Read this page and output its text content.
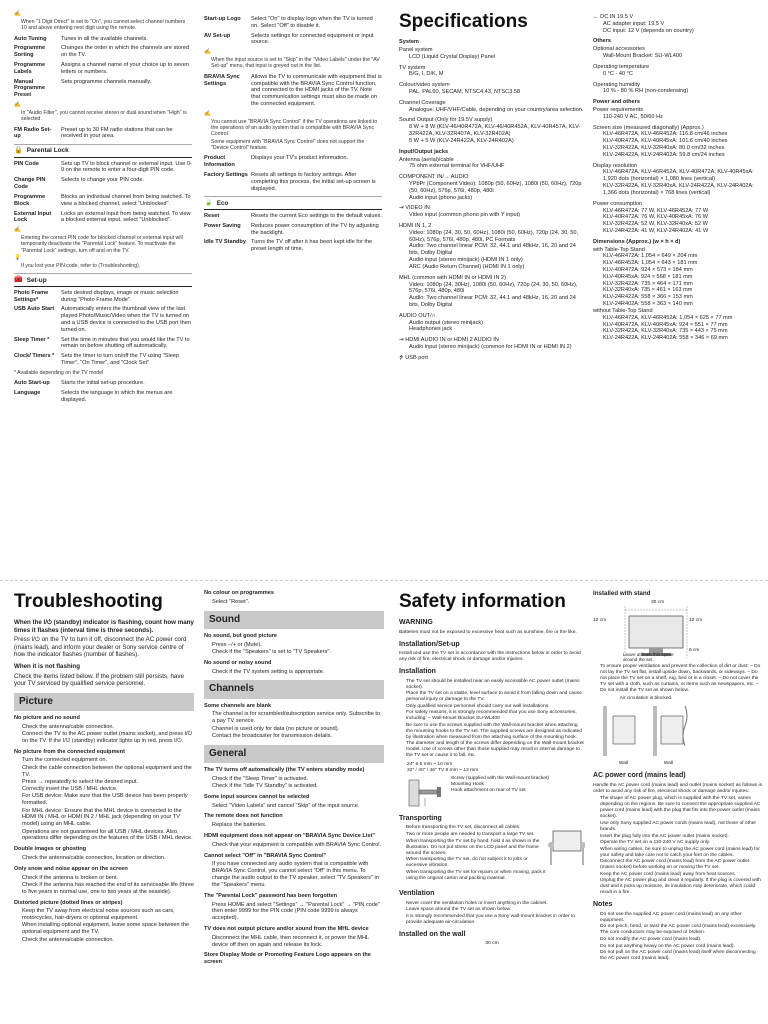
✍
• When "1 Digit Direct" is set to "On", you cannot select channel numbers 10 and above entering next digit using the remote.
Auto Tuning	Tunes in all the available channels.
Programme Sorting
Changes the order in which the channels are stored on the TV.
Programme Labels
Assigns a channel name of your choice up to seven letters or numbers.
Manual Programme Preset
Sets programme channels manually.
✍
• In "Audio Filter", you cannot receive stereo or dual sound when "High" is selected.
FM Radio Set-up
Preset up to 30 FM radio stations that can be received in your area.
🔒 Parental Lock
PIN Code	Sets up TV to block channel or external input. Use 0-9 on the remote to enter a four-digit PIN code.
Change PIN Code
Selects to change your PIN code.
Programme Block
Blocks an individual channel from being watched. To view a blocked channel, select "Unblocked".
External Input Lock
Locks an external input from being watched. To view a blocked external input, select "Unblocked".
✍
• Entering the correct PIN code for blocked channel or external input will temporarily deactivate the "Parental Lock" feature. To reactivate the "Parental Lock" settings, turn off and on the TV.
💡
• If you lost your PIN code, refer to (Troubleshooting).
🧰 Set-up
Photo Frame Settings*
Sets desired displays, image or music selection during "Photo Frame Mode".
USB Auto Start	Automatically enters the thumbnail view of the last played Photo/Music/Video when the TV is turned on and a USB device is connected to the USB port then turned on.
Sleep Timer *	Set the time in minutes that you would like the TV to remain on before shutting off automatically.
Clock/ Timers *	Sets the timer to turn on/off the TV using "Sleep Timer", "On Timer", and "Clock Set"
* Available depending on the TV model
Auto Start-up	Starts the initial set-up procedure.
Language	Selects the language in which the menus are displayed.
Start-up Logo	Select "On" to display logo when the TV is turned on. Select "Off" to disable it.
AV Set-up	Selects settings for connected equipment or input source.
✍
• When the input source is set to "Skip" in the "Video Labels" under the "AV Set-up" menu, that input is greyed out in the list.
BRAVIA Sync Settings
Allows the TV to communicate with equipment that is compatible with the BRAVIA Sync Control function, and connected to the HDMI jacks of the TV. Note that communication settings must also be made on the connected equipment.
✍
• You cannot use "BRAVIA Sync Control" if the TV operations are linked to the operations of an audio system that is compatible with BRAVIA Sync Control.
• Some equipment with "BRAVIA Sync Control" does not support the "Device Control" feature.
Product Information
Displays your TV's product information.
Factory Settings Resets all settings to factory settings. After completing this process, the initial set-up screen is displayed.
🍃 Eco
Reset	Resets the current Eco settings to the default values.
Power Saving	Reduces power consumption of the TV by adjusting the backlight.
Idle TV Standby Turns the TV off after it has been kept idle for the preset length of time.
Specifications

System

Panel system

LCD (Liquid Crystal Display) Panel

TV system

B/G, I, D/K, M

Colour/video system

PAL, PAL60, SECAM, NTSC4.43, NTSC3.58

Channel Coverage

Analogue: UHF/VHF/Cable, depending on your country/area selection.

Sound Output (Only for 19.5V supply)

8 W + 8 W (KLV-46/40R472A, KLV-46/40R452A, KLV-40R457A, KLV-32R422A, KLV-32R407A, KLV-32R402A)

5 W + 5 W (KLV-24R422A, KLV-24R402A)

Input/Output jacks

Antenna (aerial)/cable

75 ohm external terminal for VHF/UHF

COMPONENT IN/→ AUDIO

YPbPr (Component Video): 1080p (50, 60Hz), 1080i (50, 60Hz), 720p (50, 60Hz), 576p, 576i, 480p, 480i

Audio input (phono jacks)

⇥ VIDEO IN

Video input (common phono pin with Y input)

HDMI IN 1, 2

Video: 1080p (24, 30, 50, 60Hz), 1080i (50, 60Hz), 720p (24, 30, 50, 60Hz), 576p, 576i, 480p, 480i, PC Formats

Audio: Two channel linear PCM: 32, 44.1 and 48kHz, 16, 20 and 24 bits, Dolby Digital

Audio input (stereo minijack) (HDMI IN 1 only)

ARC (Audio Return Channel) (HDMI IN 1 only)

MHL (common with HDMI IN or HDMI IN 2)

Video: 1080p (24, 30Hz), 1080i (50, 60Hz), 720p (24, 30, 50, 60Hz), 576p, 576i, 480p, 480i

Audio: Two channel linear PCM: 32, 44.1 and 48kHz, 16, 20 and 24 bits, Dolby Digital

AUDIO OUT/∩

Audio output (stereo minijack)

Headphones jack

⇥ HDMI AUDIO IN or HDMI 2 AUDIO IN

Audio input (stereo minijack) (common for HDMI IN or HDMI IN 2)

⭍ USB port

← DC IN 19.5 V

AC adapter input: 19.5 V

DC input: 12 V (depends on country)

Others

Optional accessories

Wall-Mount Bracket: SU-WL400

Operating temperature

0 °C - 40 °C

Operating humidity

10 % - 80 % RH (non-condensing)

Power and others

Power requirements

110-240 V AC, 50/60 Hz

Screen size (measured diagonally) (Approx.)

KLV-46R472A, KLV-46R452A: 116.8 cm/46 inches
KLV-40R472A, KLV-40R45xA: 101.6 cm/40 inches
KLV-32R422A, KLV-32R40xA: 80.0 cm/32 inches
KLV-24R422A, KLV-24R402A: 59.8 cm/24 inches

Display resolution

KLV-46R472A, KLV-46R452A, KLV-40R472A, KLV-40R45xA: 1,920 dots (horizontal) × 1,080 lines (vertical)
KLV-32R422A, KLV-32R40xA, KLV-24R422A, KLV-24R402A: 1,366 dots (horizontal) × 768 lines (vertical)

Power consumption

KLV-46R472A: 77 W, KLV-46R452A: 77 W
KLV-40R472A: 76 W, KLV-40R45xA: 76 W
KLV-32R422A: 52 W, KLV-32R40xA: 52 W
KLV-24R422A: 41 W, KLV-24R402A: 41 W

Dimensions (Approx.) (w × h × d)

with Table-Top Stand

KLV-46R472A: 1,054 × 649 × 204 mm
KLV-46R452A: 1,054 × 643 × 181 mm
KLV-40R472A: 924 × 573 × 184 mm
KLV-40R45xA: 924 × 568 × 181 mm
KLV-32R422A: 735 × 464 × 171 mm
KLV-32R40xA: 735 × 461 × 163 mm
KLV-24R422A: 558 × 366 × 153 mm
KLV-24R402A: 558 × 363 × 140 mm

without Table-Top Stand

KLV-46R472A, KLV-46R452A: 1,054 × 625 × 77 mm
KLV-40R472A, KLV-40R45xA: 924 × 551 × 77 mm
KLV-32R422A, KLV-32R40xA: 735 × 443 × 75 mm
KLV-24R422A, KLV-24R402A: 558 × 346 × 69 mm

Troubleshooting

When the I/⏻ (standby) indicator is flashing, count how many times it flashes (interval time is three seconds).

Press I/⏻ on the TV to turn it off, disconnect the AC power cord (mains lead), and inform your dealer or Sony service centre of how the indicator flashes (number of flashes).

When it is not flashing

Check the items listed below. If the problem still persists, have your TV serviced by qualified service personnel.

Picture

No picture and no sound

• Check the antenna/cable connection.
• Connect the TV to the AC power outlet (mains socket), and press I/⏻ on the TV. If the I/⏻ (standby) indicator lights up in red, press I/⏻.

No picture from the connected equipment

• Turn the connected equipment on.
• Check the cable connection between the optional equipment and the TV.
• Press → repeatedly to select the desired input.
• Correctly insert the USB / MHL device.
• For USB device: Make sure that the USB device has been properly formatted.
• For MHL device: Ensure that the MHL device is connected to the HDMI IN / MHL or HDMI IN 2 / MHL jack (depending on your TV model) using an MHL cable.
• Operations are not guaranteed for all USB / MHL devices. Also, operations differ depending on the features of the USB / MHL device.

Double images or ghosting

• Check the antenna/cable connection, location or direction.

Only snow and noise appear on the screen

• Check if the antenna is broken or bent.
• Check if the antenna has reached the end of its serviceable life (three to five years in normal use, one to two years at the seaside).

Distorted picture (dotted lines or stripes)

• Keep the TV away from electrical noise sources such as cars, motorcycles, hair-dryers or optional equipment.
• When installing optional equipment, leave some space between the optional equipment and the TV.
• Check the antenna/cable connection.

No colour on programmes

• Select "Reset".
Sound

No sound, but good picture

• Press −/+ or (Mute).
• Check if the "Speakers" is set to "TV Speakers".

No sound or noisy sound

• Check if the TV system setting is appropriate.
Channels

Some channels are blank

• The channel is for scrambled/subscription service only. Subscribe to a pay TV service.
• Channel is used only for data (no picture or sound).
• Contact the broadcaster for transmission details.
General

The TV turns off automatically (the TV enters standby mode)

• Check if the "Sleep Timer" is activated.
• Check if the "Idle TV Standby" is activated.

Some input sources cannot be selected

• Select "Video Labels" and cancel "Skip" of the input source.

The remote does not function

• Replace the batteries.

HDMI equipment does not appear on "BRAVIA Sync Device List"

• Check that your equipment is compatible with BRAVIA Sync Control.

Cannot select "Off" in "BRAVIA Sync Control"

• If you have connected any audio system that is compatible with BRAVIA Sync Control, you cannot select "Off" in this menu. To change the audio output to the TV speaker, select "TV Speakers" in the "Speakers" menu.

The "Parental Lock" password has been forgotten

• Press HOME and select "Settings" → "Parental Lock" → "PIN code" then enter 9999 for the PIN code (PIN code 9999 is always accepted).

TV does not output picture and/or sound from the MHL device

• Disconnect the MHL cable, then reconnect it, or power the MHL device off then on again and release its lock.

Store Display Mode or Promoting Feature Logo appears on the screen

Safety information
WARNING

Batteries must not be exposed to excessive heat such as sunshine, fire or the like.

Installation/Set-up

Install and use the TV set in accordance with the instructions below in order to avoid any risk of fire, electrical shock or damage and/or injuries.

Installation
• The TV set should be installed near an easily accessible AC power outlet (mains socket).
• Place the TV set on a stable, level surface to avoid it from falling down and cause personal injury or damage to the TV.
• Only qualified service personnel should carry out wall installations.
• For safety reasons, it is strongly recommended that you use Sony accessories, including: – Wall-Mount Bracket SU-WL400
• Be sure to use the screws supplied with the Wall-mount bracket when attaching the mounting hooks to the TV set. The supplied screws are designed as indicated by illustration when measured from the attaching surface of the mounting hook. The diameter and length of the screws differ depending on the Wall-mount bracket model. Use of screws other than those supplied may result in internal damage to the TV set or cause it to fall, etc.
24" 6.5 mm ~ 10 mm
32" / 40" / 46" TV 8 mm ~ 12 mm
Screw (supplied with the Wall-mount bracket)
Mounting Hook
Hook attachment on rear of TV set
Transporting
• Before transporting the TV set, disconnect all cables.
• Two or more people are needed to transport a large TV set.
• When transporting the TV set by hand, hold it as shown in the illustration. Do not put stress on the LCD panel and the frame around the screen.
• When transporting the TV set, do not subject it to jolts or excessive vibration.
• When transporting the TV set for repairs or when moving, pack it using the original carton and packing material.
Ventilation
• Never cover the ventilation holes or insert anything in the cabinet.
• Leave space around the TV set as shown below.
• It is strongly recommended that you use a Sony wall-mount bracket in order to provide adequate air-circulation.
Installed on the wall
30 cm
Installed with stand
30 cm
10 cm	10 cm
6 cm
Leave at least this space around the set.
• To ensure proper ventilation and prevent the collection of dirt or dust: – Do not lay the TV set flat, install upside down, backwards, or sideways. – Do not place the TV set on a shelf, rug, bed or in a closet. – Do not cover the TV set with a cloth, such as curtains, or items such as newspapers, etc. – Do not install the TV set as shown below.
Air circulation is blocked.
Wall	Wall
AC power cord (mains lead)

Handle the AC power cord (mains lead) and outlet (mains socket) as follows in order to avoid any risk of fire, electrical shock or damage and/or injuries:

• The shape of AC power plug, which is supplied with the TV set, varies depending on the regions. Be sure to connect the appropriate supplied AC power cord (mains lead) with the plug that fits into the power outlet (mains socket).
• Use only Sony supplied AC power cords (mains lead), not those of other brands.
• Insert the plug fully into the AC power outlet (mains socket).
• Operate the TV set on a 110-240 V AC supply only.
• When wiring cables, be sure to unplug the AC power cord (mains lead) for your safety and take care not to catch your feet on the cables.
• Disconnect the AC power cord (mains lead) from the AC power outlet (mains socket) before working on or moving the TV set.
• Keep the AC power cord (mains lead) away from heat sources.
• Unplug the AC power plug and clean it regularly. If the plug is covered with dust and it picks up moisture, its insulation may deteriorate, which could result in a fire.
Notes
• Do not use the supplied AC power cord (mains lead) on any other equipment.
• Do not pinch, bend, or twist the AC power cord (mains lead) excessively. The core conductors may be exposed or broken.
• Do not modify the AC power cord (mains lead).
• Do not put anything heavy on the AC power cord (mains lead).
• Do not pull on the AC power cord (mains lead) itself when disconnecting the AC power cord (mains lead).
